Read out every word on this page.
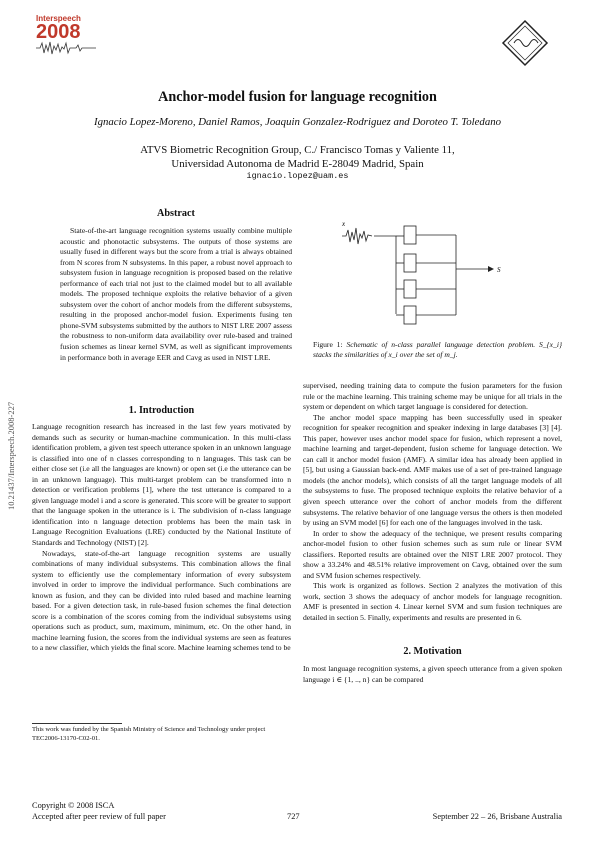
Interspeech
2008
Anchor-model fusion for language recognition
Ignacio Lopez-Moreno, Daniel Ramos, Joaquin Gonzalez-Rodriguez and Doroteo T. Toledano
ATVS Biometric Recognition Group, C./ Francisco Tomas y Valiente 11,
Universidad Autonoma de Madrid E-28049 Madrid, Spain
ignacio.lopez@uam.es
10.21437/Interspeech.2008-227
Abstract

State-of-the-art language recognition systems usually combine multiple acoustic and phonotactic subsystems. The outputs of those systems are usually fused in different ways but the score from a trial is always obtained from N scores from N subsystems. In this paper, a robust novel approach to subsystem fusion in language recognition is proposed based on the relative performance of each trial not just to the claimed model but to all available models. The proposed technique exploits the relative behavior of a given subsystem over the cohort of anchor models from the different subsystems, resulting in the proposed anchor-model fusion. Experiments fusing ten phone-SVM subsystems submitted by the authors to NIST LRE 2007 assess the robustness to non-uniform data availability over rule-based and trained fusion schemes as linear kernel SVM, as well as significant improvements in performance both in average EER and Cavg as used in NIST LRE.

1. Introduction

Language recognition research has increased in the last few years motivated by demands such as security or human-machine communication. In this multi-class identification problem, a given test speech utterance spoken in an unknown language is classified into one of n classes corresponding to n languages. This task can be either close set (i.e all the languages are known) or open set (i.e the utterance can be in an unknown language). This multi-target problem can be transformed into n detection or verification problems [1], where the test utterance is compared to a given language model i and a score is generated. This score will be greater to support that the language spoken in the utterance is i. The subdivision of n-class language identification into n language detection problems has been the main task in Language Recognition Evaluations (LRE) conducted by the National Institute of Standards and Technology (NIST) [2].

Nowadays, state-of-the-art language recognition systems are usually combinations of many individual subsystems. This combination allows the final system to efficiently use the complementary information of every subsystem involved in order to improve the individual performance. Such combinations are known as fusion, and they can be divided into ruled based and machine learning based. For a given detection task, in rule-based fusion schemes the final detection score is a combination of the scores coming from the individual subsystems using operations such as product, sum, maximum, minimum, etc. On the other hand, in machine learning fusion, the scores from the individual systems are seen as features to a new classifier, which yields the final score. Machine learning schemes tend to be

This work was funded by the Spanish Ministry of Science and Technology under project TEC2006-13170-C02-01.
x
S
Figure 1: Schematic of n-class parallel language detection problem. S_{x_i} stacks the similarities of x_i over the set of m_j.

supervised, needing training data to compute the fusion parameters for the fusion rule or the machine learning. This training scheme may be unique for all trials in the system or dependent on which target language is considered for detection.

The anchor model space mapping has been successfully used in speaker recognition for speaker recognition and speaker indexing in large databases [3] [4]. This paper, however uses anchor model space for fusion, which represent a novel, machine learning and target-dependent, fusion scheme for language detection. We can call it anchor model fusion (AMF). A similar idea has already been applied in [5], but using a Gaussian back-end. AMF makes use of a set of pre-trained language models (the anchor models), which consists of all the target language models of all the subsystems to fuse. The proposed technique exploits the relative behavior of a given speech utterance over the cohort of anchor models from the different subsystems. The relative behavior of one language versus the others is then modeled by using an SVM model [6] for each one of the languages involved in the task.

In order to show the adequacy of the technique, we present results comparing anchor-model fusion to other fusion schemes such as sum rule or linear SVM classifiers. Reported results are obtained over the NIST LRE 2007 protocol. They show a 33.24% and 48.51% relative improvement on Cavg, obtained over the sum and SVM fusion schemes respectively.

This work is organized as follows. Section 2 analyzes the motivation of this work, section 3 shows the adequacy of anchor models for language recognition. AMF is presented in section 4. Linear kernel SVM and sum fusion techniques are detailed in section 5. Finally, experiments and results are presented in 6.

2. Motivation

In most language recognition systems, a given speech utterance from a given spoken language i ∈ {1, .., n} can be compared

Copyright © 2008 ISCA
Accepted after peer review of full paper	727	September 22 – 26, Brisbane Australia
